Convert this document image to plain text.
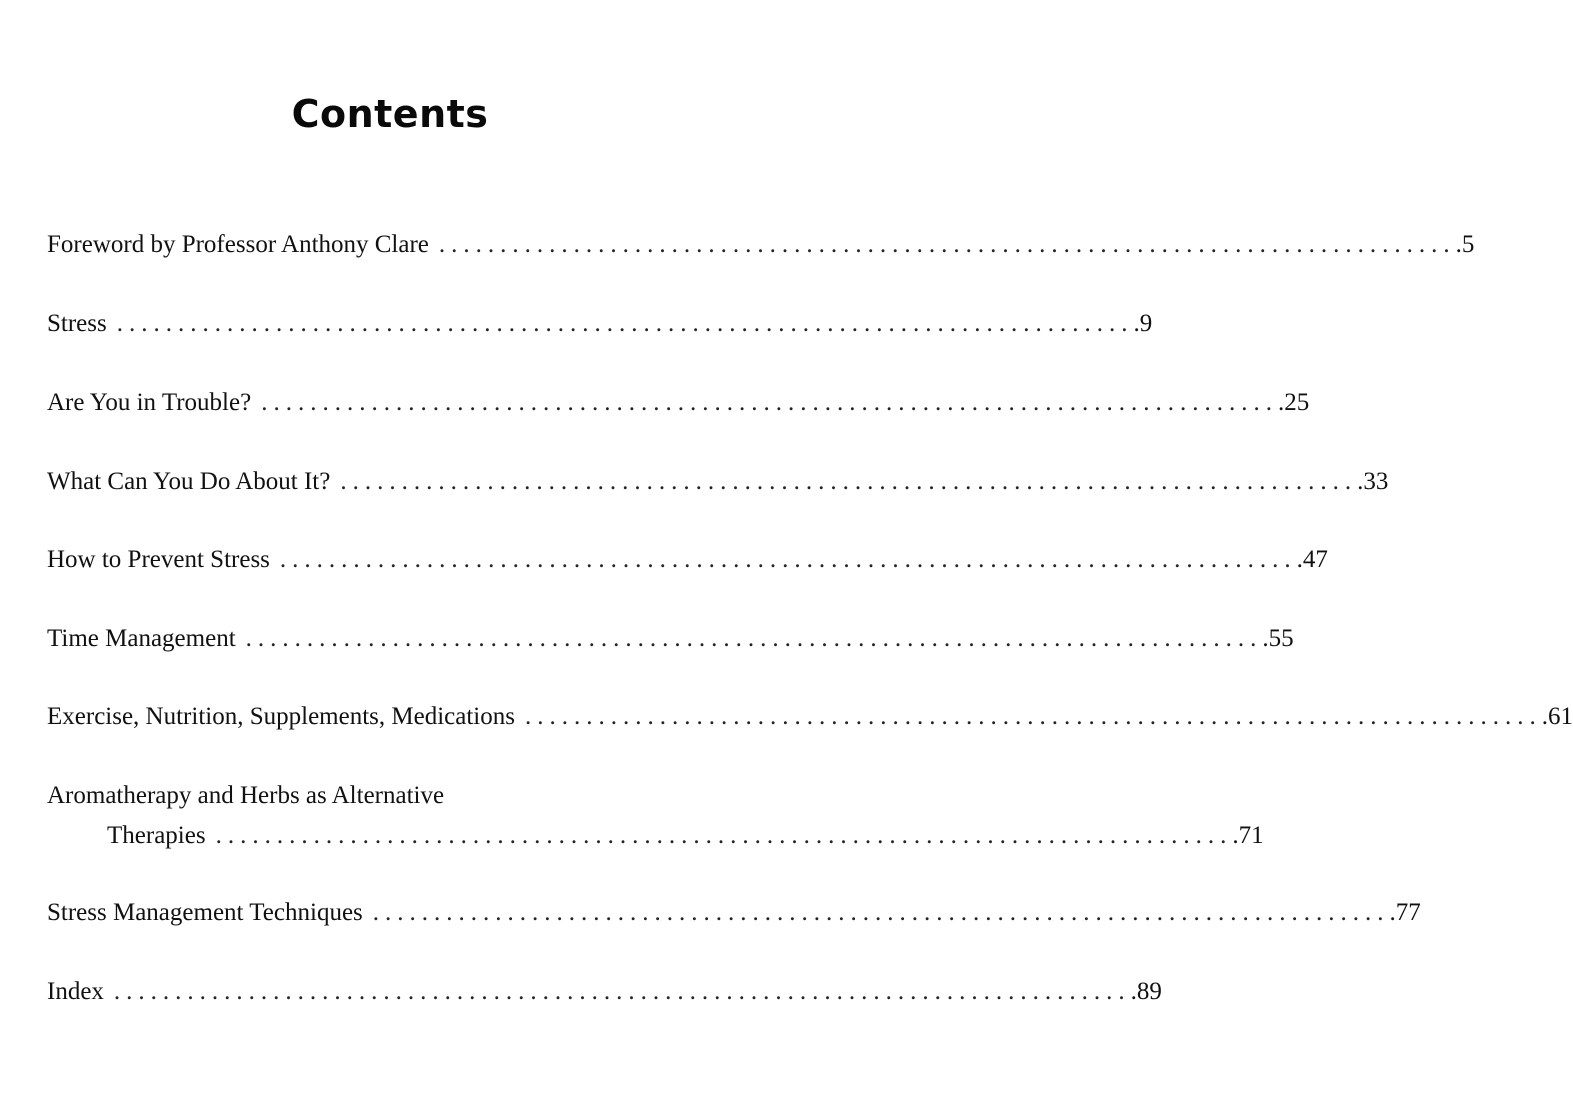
Contents
Foreword by Professor Anthony Clare ................................................................................... .5
Stress ................................................................................... .9
Are You in Trouble? ................................................................................... .25
What Can You Do About It? ................................................................................... .33
How to Prevent Stress ................................................................................... .47
Time Management ................................................................................... .55
Exercise, Nutrition, Supplements, Medications ................................................................................... .61
Aromatherapy and Herbs as Alternative
Therapies ................................................................................... .71
Stress Management Techniques ................................................................................... .77
Index ................................................................................... .89
